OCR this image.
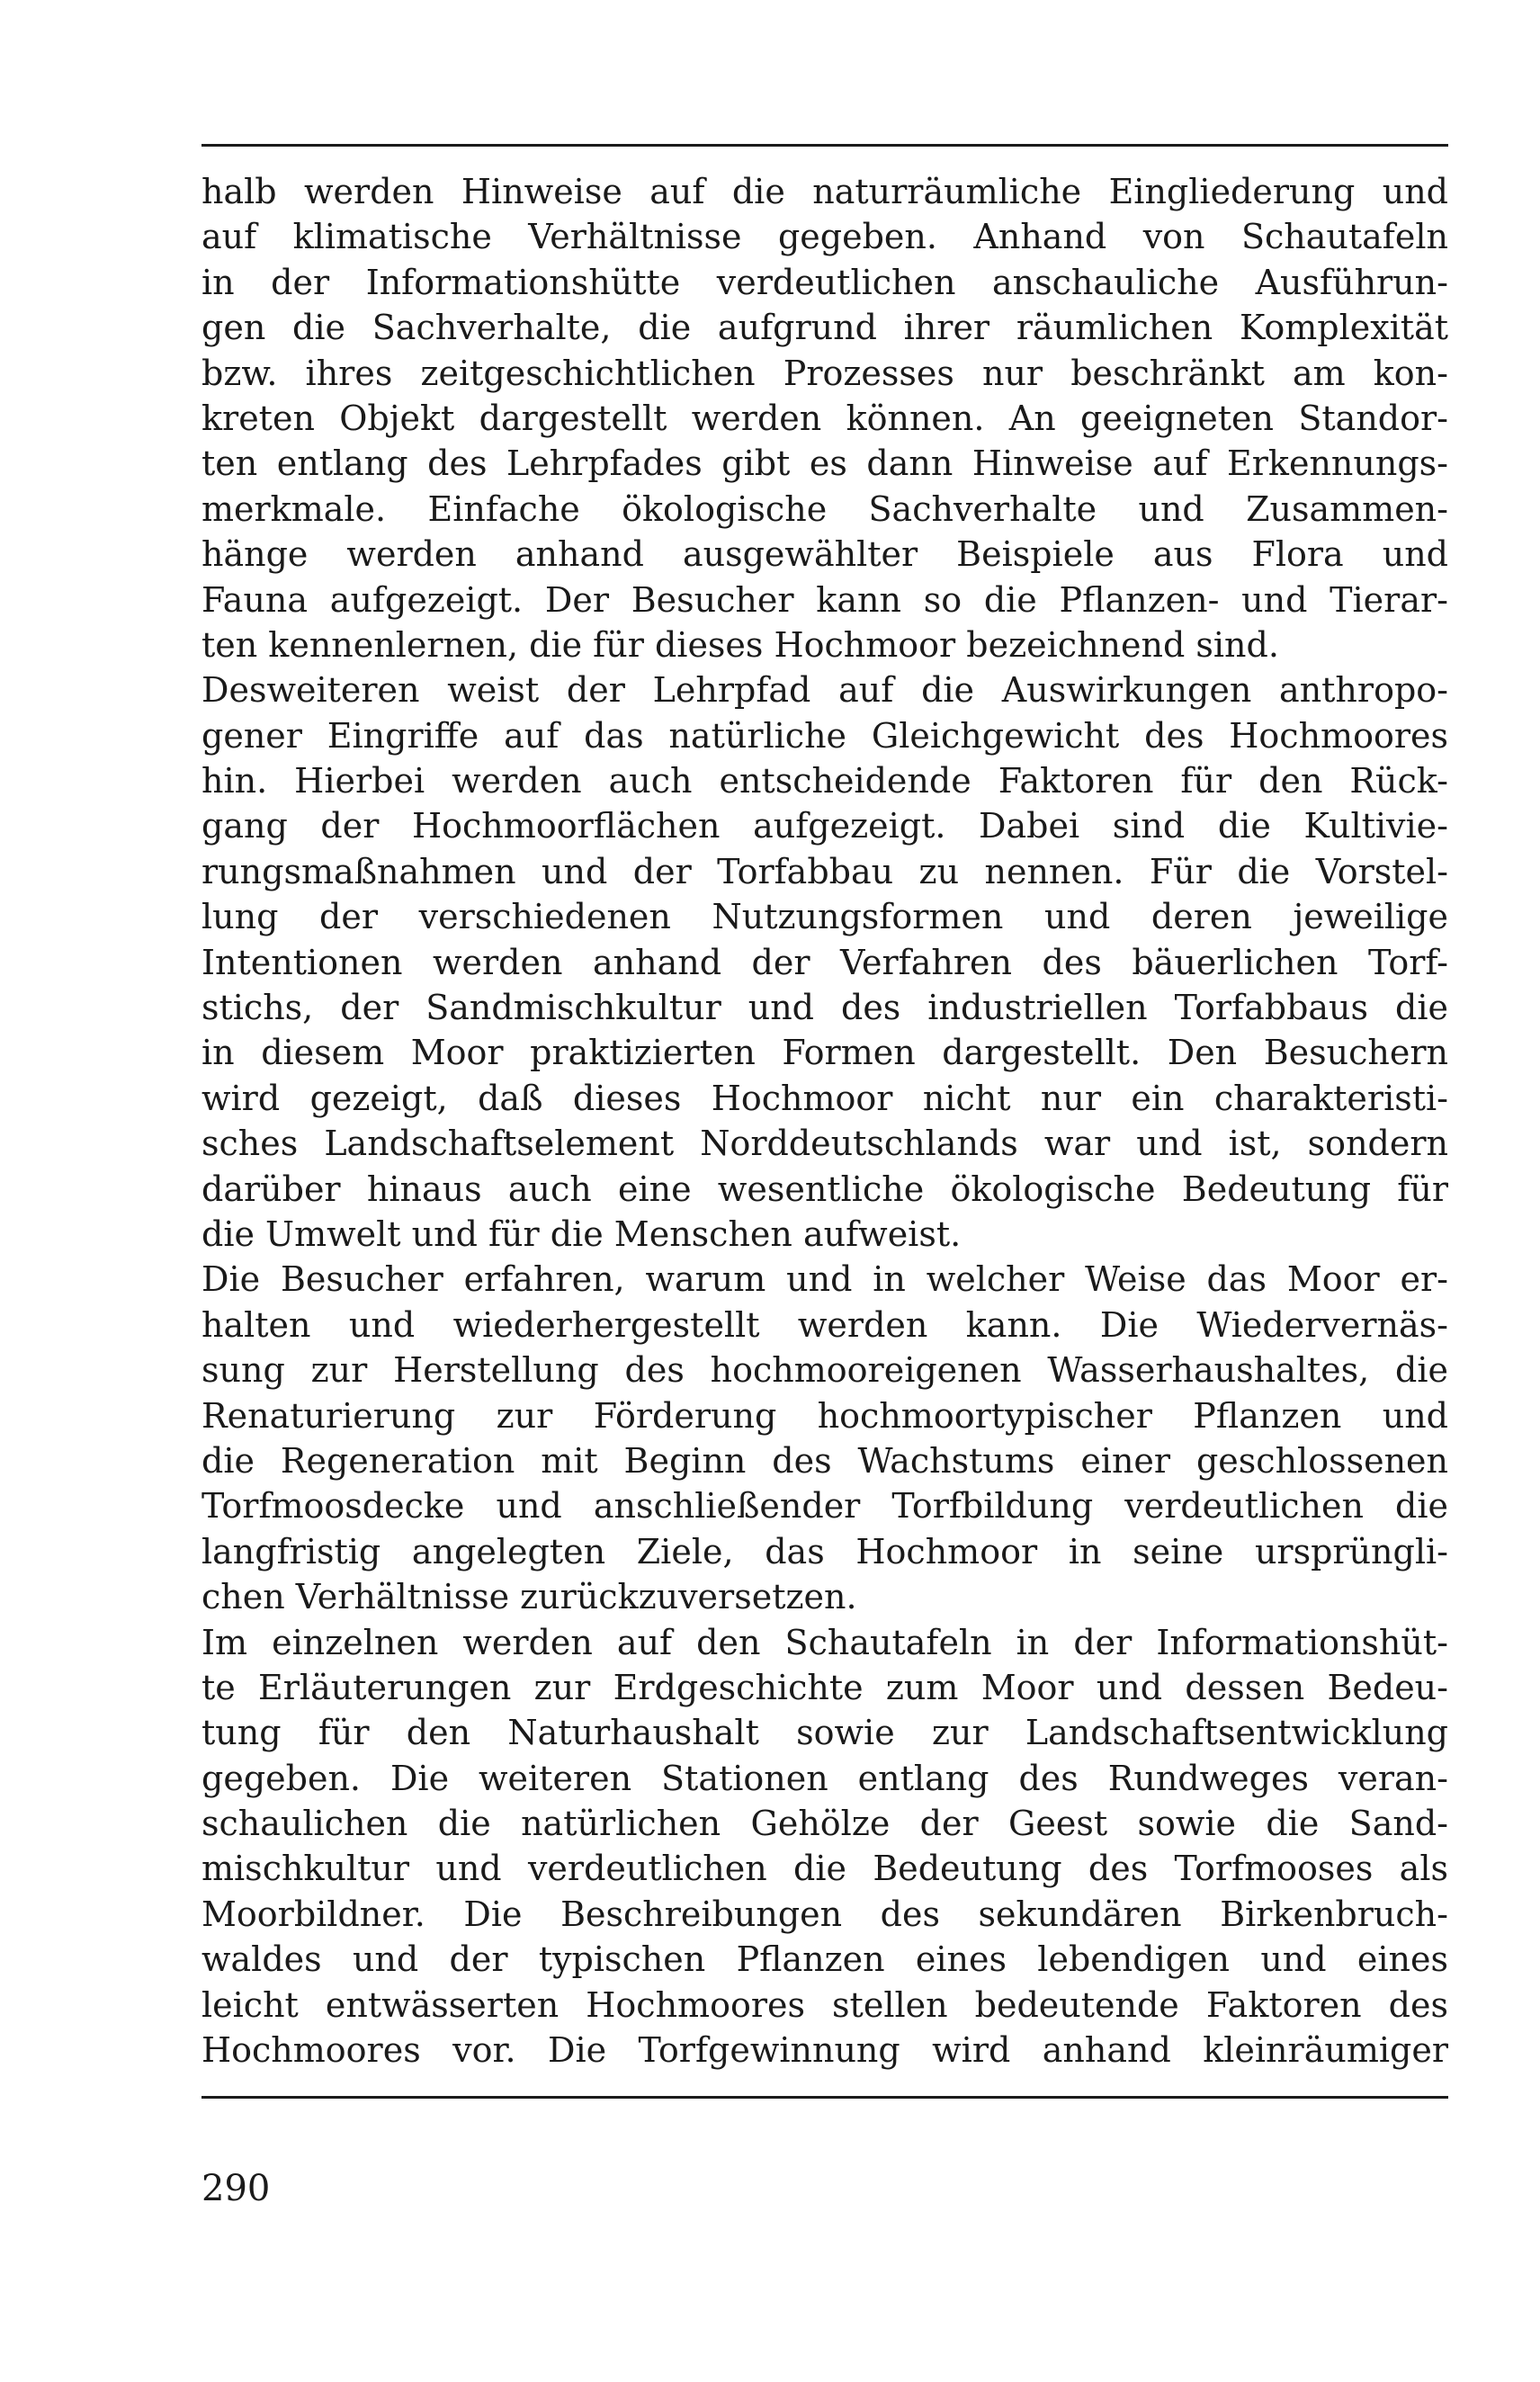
halb werden Hinweise auf die naturräumliche Eingliederung und
auf klimatische Verhältnisse gegeben. Anhand von Schautafeln
in der Informationshütte verdeutlichen anschauliche Ausführun-
gen die Sachverhalte, die aufgrund ihrer räumlichen Komplexität
bzw. ihres zeitgeschichtlichen Prozesses nur beschränkt am kon-
kreten Objekt dargestellt werden können. An geeigneten Standor-
ten entlang des Lehrpfades gibt es dann Hinweise auf Erkennungs-
merkmale. Einfache ökologische Sachverhalte und Zusammen-
hänge werden anhand ausgewählter Beispiele aus Flora und
Fauna aufgezeigt. Der Besucher kann so die Pflanzen- und Tierar-
ten kennenlernen, die für dieses Hochmoor bezeichnend sind.
Desweiteren weist der Lehrpfad auf die Auswirkungen anthropo-
gener Eingriffe auf das natürliche Gleichgewicht des Hochmoores
hin. Hierbei werden auch entscheidende Faktoren für den Rück-
gang der Hochmoorflächen aufgezeigt. Dabei sind die Kultivie-
rungsmaßnahmen und der Torfabbau zu nennen. Für die Vorstel-
lung der verschiedenen Nutzungsformen und deren jeweilige
Intentionen werden anhand der Verfahren des bäuerlichen Torf-
stichs, der Sandmischkultur und des industriellen Torfabbaus die
in diesem Moor praktizierten Formen dargestellt. Den Besuchern
wird gezeigt, daß dieses Hochmoor nicht nur ein charakteristi-
sches Landschaftselement Norddeutschlands war und ist, sondern
darüber hinaus auch eine wesentliche ökologische Bedeutung für
die Umwelt und für die Menschen aufweist.
Die Besucher erfahren, warum und in welcher Weise das Moor er-
halten und wiederhergestellt werden kann. Die Wiedervernäs-
sung zur Herstellung des hochmooreigenen Wasserhaushaltes, die
Renaturierung zur Förderung hochmoortypischer Pflanzen und
die Regeneration mit Beginn des Wachstums einer geschlossenen
Torfmoosdecke und anschließender Torfbildung verdeutlichen die
langfristig angelegten Ziele, das Hochmoor in seine ursprüngli-
chen Verhältnisse zurückzuversetzen.
Im einzelnen werden auf den Schautafeln in der Informationshüt-
te Erläuterungen zur Erdgeschichte zum Moor und dessen Bedeu-
tung für den Naturhaushalt sowie zur Landschaftsentwicklung
gegeben. Die weiteren Stationen entlang des Rundweges veran-
schaulichen die natürlichen Gehölze der Geest sowie die Sand-
mischkultur und verdeutlichen die Bedeutung des Torfmooses als
Moorbildner. Die Beschreibungen des sekundären Birkenbruch-
waldes und der typischen Pflanzen eines lebendigen und eines
leicht entwässerten Hochmoores stellen bedeutende Faktoren des
Hochmoores vor. Die Torfgewinnung wird anhand kleinräumiger
290
